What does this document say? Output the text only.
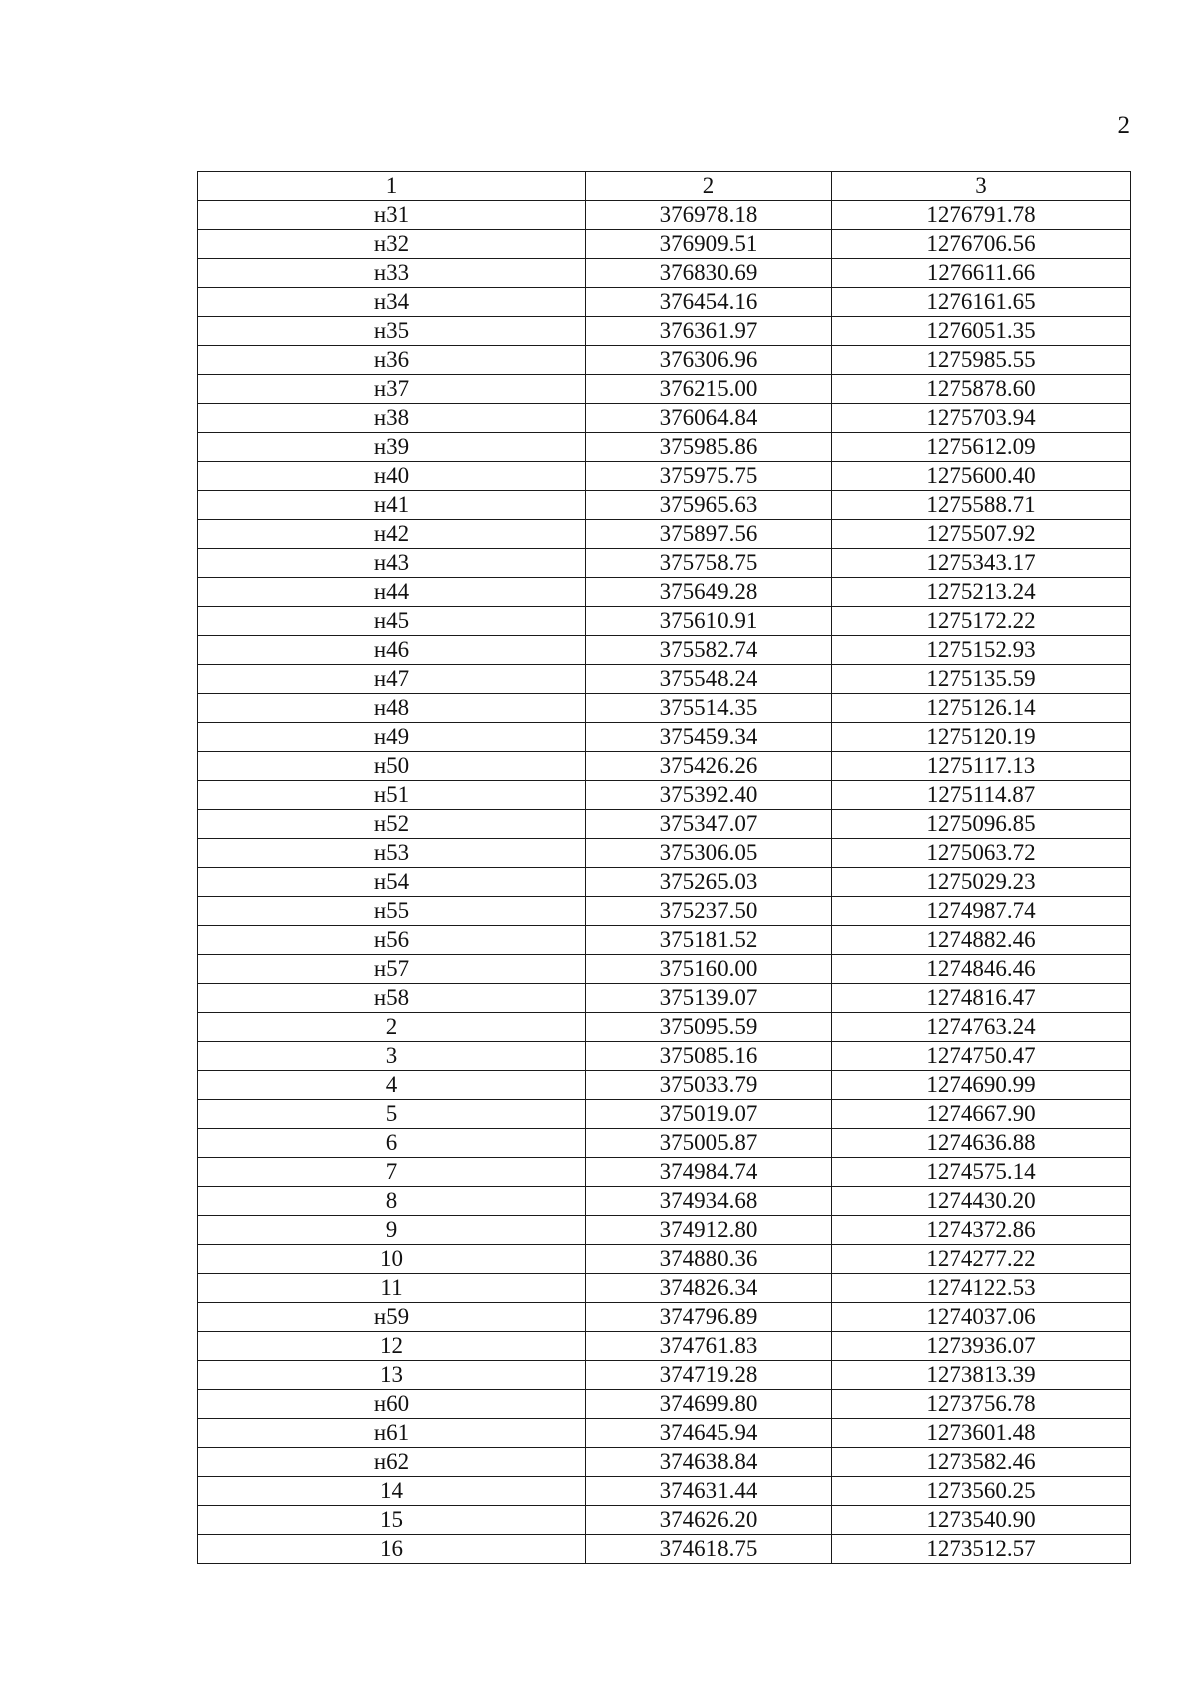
2
1	2	3
н31	376978.18	1276791.78
н32	376909.51	1276706.56
н33	376830.69	1276611.66
н34	376454.16	1276161.65
н35	376361.97	1276051.35
н36	376306.96	1275985.55
н37	376215.00	1275878.60
н38	376064.84	1275703.94
н39	375985.86	1275612.09
н40	375975.75	1275600.40
н41	375965.63	1275588.71
н42	375897.56	1275507.92
н43	375758.75	1275343.17
н44	375649.28	1275213.24
н45	375610.91	1275172.22
н46	375582.74	1275152.93
н47	375548.24	1275135.59
н48	375514.35	1275126.14
н49	375459.34	1275120.19
н50	375426.26	1275117.13
н51	375392.40	1275114.87
н52	375347.07	1275096.85
н53	375306.05	1275063.72
н54	375265.03	1275029.23
н55	375237.50	1274987.74
н56	375181.52	1274882.46
н57	375160.00	1274846.46
н58	375139.07	1274816.47
2	375095.59	1274763.24
3	375085.16	1274750.47
4	375033.79	1274690.99
5	375019.07	1274667.90
6	375005.87	1274636.88
7	374984.74	1274575.14
8	374934.68	1274430.20
9	374912.80	1274372.86
10	374880.36	1274277.22
11	374826.34	1274122.53
н59	374796.89	1274037.06
12	374761.83	1273936.07
13	374719.28	1273813.39
н60	374699.80	1273756.78
н61	374645.94	1273601.48
н62	374638.84	1273582.46
14	374631.44	1273560.25
15	374626.20	1273540.90
16	374618.75	1273512.57
